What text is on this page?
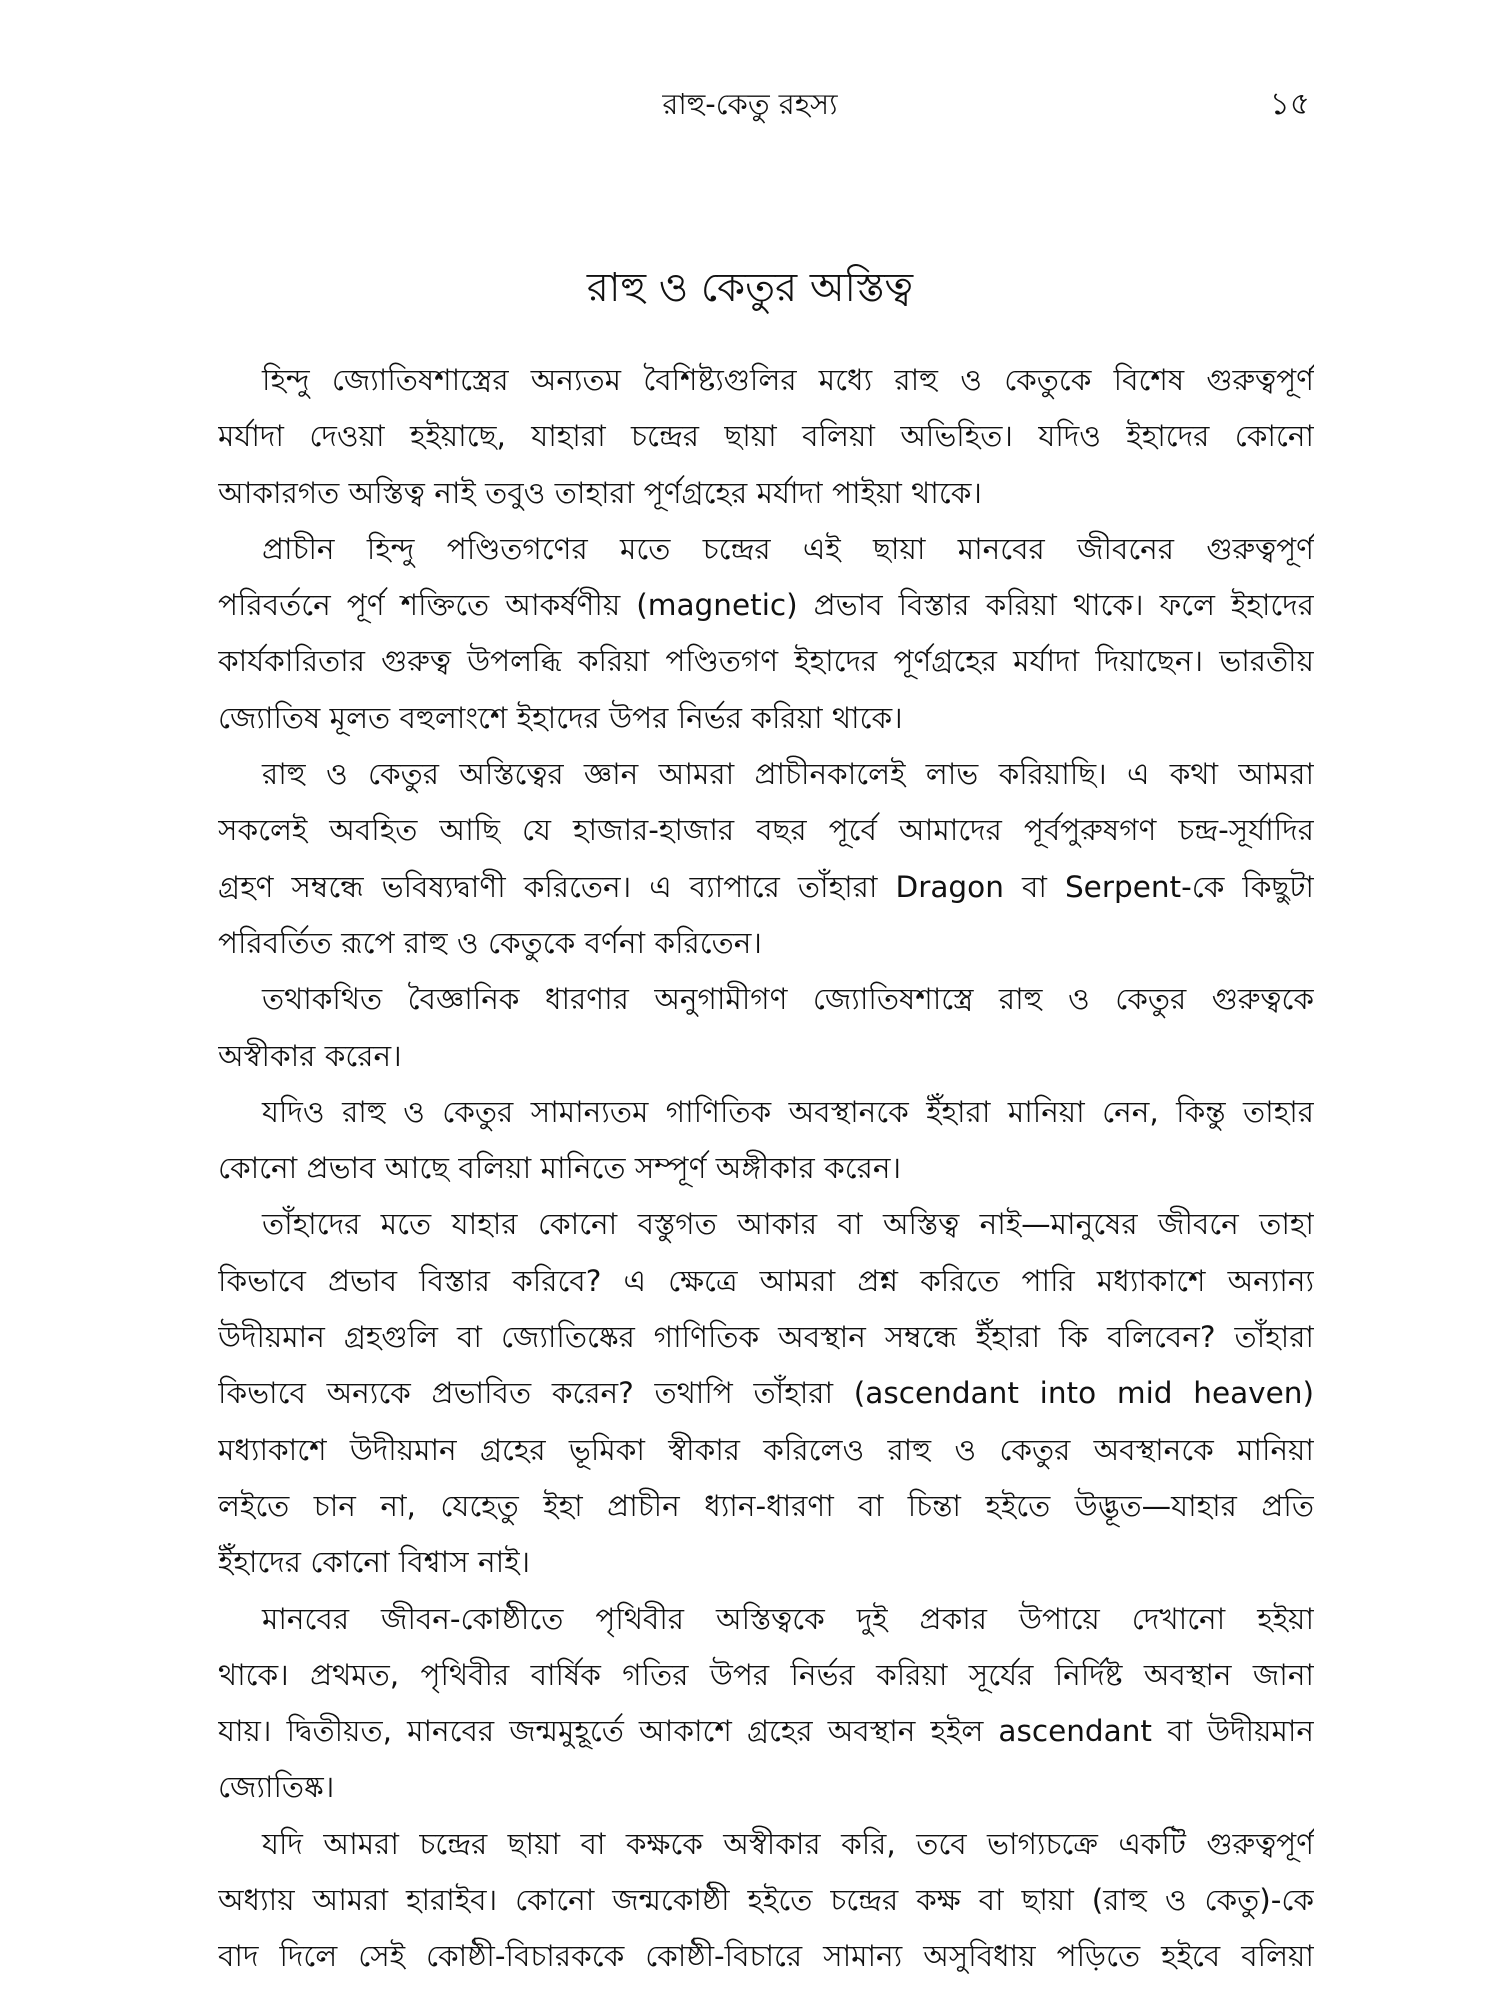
রাহু-কেতু রহস্য	১৫
রাহু ও কেতুর অস্তিত্ব
হিন্দু জ্যোতিষশাস্ত্রের অন্যতম বৈশিষ্ট্যগুলির মধ্যে রাহু ও কেতুকে বিশেষ গুরুত্বপূর্ণ
মর্যাদা দেওয়া হইয়াছে, যাহারা চন্দ্রের ছায়া বলিয়া অভিহিত। যদিও ইহাদের কোনো
আকারগত অস্তিত্ব নাই তবুও তাহারা পূর্ণগ্রহের মর্যাদা পাইয়া থাকে।
প্রাচীন হিন্দু পণ্ডিতগণের মতে চন্দ্রের এই ছায়া মানবের জীবনের গুরুত্বপূর্ণ
পরিবর্তনে পূর্ণ শক্তিতে আকর্ষণীয় (magnetic) প্রভাব বিস্তার করিয়া থাকে। ফলে ইহাদের
কার্যকারিতার গুরুত্ব উপলব্ধি করিয়া পণ্ডিতগণ ইহাদের পূর্ণগ্রহের মর্যাদা দিয়াছেন। ভারতীয়
জ্যোতিষ মূলত বহুলাংশে ইহাদের উপর নির্ভর করিয়া থাকে।
রাহু ও কেতুর অস্তিত্বের জ্ঞান আমরা প্রাচীনকালেই লাভ করিয়াছি। এ কথা আমরা
সকলেই অবহিত আছি যে হাজার-হাজার বছর পূর্বে আমাদের পূর্বপুরুষগণ চন্দ্র-সূর্যাদির
গ্রহণ সম্বন্ধে ভবিষ্যদ্বাণী করিতেন। এ ব্যাপারে তাঁহারা Dragon বা Serpent-কে কিছুটা
পরিবর্তিত রূপে রাহু ও কেতুকে বর্ণনা করিতেন।
তথাকথিত বৈজ্ঞানিক ধারণার অনুগামীগণ জ্যোতিষশাস্ত্রে রাহু ও কেতুর গুরুত্বকে
অস্বীকার করেন।
যদিও রাহু ও কেতুর সামান্যতম গাণিতিক অবস্থানকে ইঁহারা মানিয়া নেন, কিন্তু তাহার
কোনো প্রভাব আছে বলিয়া মানিতে সম্পূর্ণ অঙ্গীকার করেন।
তাঁহাদের মতে যাহার কোনো বস্তুগত আকার বা অস্তিত্ব নাই—মানুষের জীবনে তাহা
কিভাবে প্রভাব বিস্তার করিবে? এ ক্ষেত্রে আমরা প্রশ্ন করিতে পারি মধ্যাকাশে অন্যান্য
উদীয়মান গ্রহগুলি বা জ্যোতিষ্কের গাণিতিক অবস্থান সম্বন্ধে ইঁহারা কি বলিবেন? তাঁহারা
কিভাবে অন্যকে প্রভাবিত করেন? তথাপি তাঁহারা (ascendant into mid heaven)
মধ্যাকাশে উদীয়মান গ্রহের ভূমিকা স্বীকার করিলেও রাহু ও কেতুর অবস্থানকে মানিয়া
লইতে চান না, যেহেতু ইহা প্রাচীন ধ্যান-ধারণা বা চিন্তা হইতে উদ্ভূত—যাহার প্রতি
ইঁহাদের কোনো বিশ্বাস নাই।
মানবের জীবন-কোষ্ঠীতে পৃথিবীর অস্তিত্বকে দুই প্রকার উপায়ে দেখানো হইয়া
থাকে। প্রথমত, পৃথিবীর বার্ষিক গতির উপর নির্ভর করিয়া সূর্যের নির্দিষ্ট অবস্থান জানা
যায়। দ্বিতীয়ত, মানবের জন্মমুহূর্তে আকাশে গ্রহের অবস্থান হইল ascendant বা উদীয়মান
জ্যোতিষ্ক।
যদি আমরা চন্দ্রের ছায়া বা কক্ষকে অস্বীকার করি, তবে ভাগ্যচক্রে একটি গুরুত্বপূর্ণ
অধ্যায় আমরা হারাইব। কোনো জন্মকোষ্ঠী হইতে চন্দ্রের কক্ষ বা ছায়া (রাহু ও কেতু)-কে
বাদ দিলে সেই কোষ্ঠী-বিচারককে কোষ্ঠী-বিচারে সামান্য অসুবিধায় পড়িতে হইবে বলিয়া
